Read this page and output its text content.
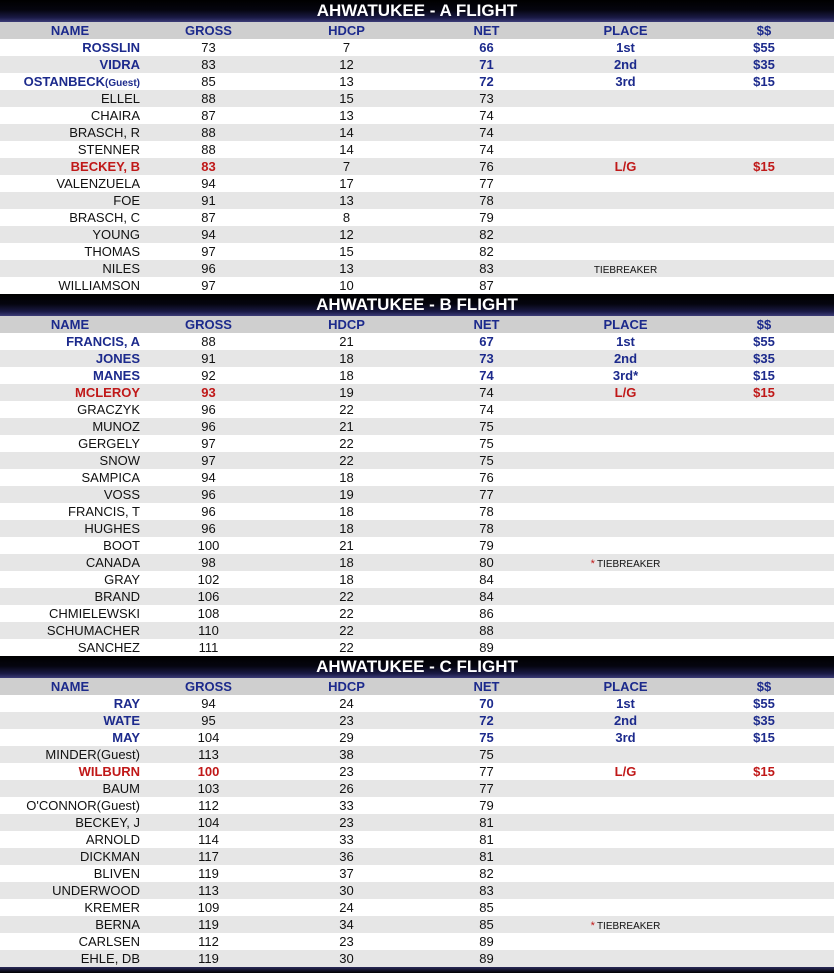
AHWATUKEE - A FLIGHT
NAME	GROSS	HDCP	NET	PLACE	$$
ROSSLIN	73	7	66	1st	$55
VIDRA	83	12	71	2nd	$35
OSTANBECK(Guest)	85	13	72	3rd	$15
ELLEL	88	15	73
CHAIRA	87	13	74
BRASCH, R	88	14	74
STENNER	88	14	74
BECKEY, B	83	7	76	L/G	$15
VALENZUELA	94	17	77
FOE	91	13	78
BRASCH, C	87	8	79
YOUNG	94	12	82
THOMAS	97	15	82
NILES	96	13	83	TIEBREAKER
WILLIAMSON	97	10	87
AHWATUKEE - B FLIGHT
NAME	GROSS	HDCP	NET	PLACE	$$
FRANCIS, A	88	21	67	1st	$55
JONES	91	18	73	2nd	$35
MANES	92	18	74	3rd*	$15
MCLEROY	93	19	74	L/G	$15
GRACZYK	96	22	74
MUNOZ	96	21	75
GERGELY	97	22	75
SNOW	97	22	75
SAMPICA	94	18	76
VOSS	96	19	77
FRANCIS, T	96	18	78
HUGHES	96	18	78
BOOT	100	21	79
CANADA	98	18	80	* TIEBREAKER
GRAY	102	18	84
BRAND	106	22	84
CHMIELEWSKI	108	22	86
SCHUMACHER	110	22	88
SANCHEZ	111	22	89
AHWATUKEE - C FLIGHT
NAME	GROSS	HDCP	NET	PLACE	$$
RAY	94	24	70	1st	$55
WATE	95	23	72	2nd	$35
MAY	104	29	75	3rd	$15
MINDER(Guest)	113	38	75
WILBURN	100	23	77	L/G	$15
BAUM	103	26	77
O'CONNOR(Guest)	112	33	79
BECKEY, J	104	23	81
ARNOLD	114	33	81
DICKMAN	117	36	81
BLIVEN	119	37	82
UNDERWOOD	113	30	83
KREMER	109	24	85
BERNA	119	34	85	* TIEBREAKER
CARLSEN	112	23	89
EHLE, DB	119	30	89
